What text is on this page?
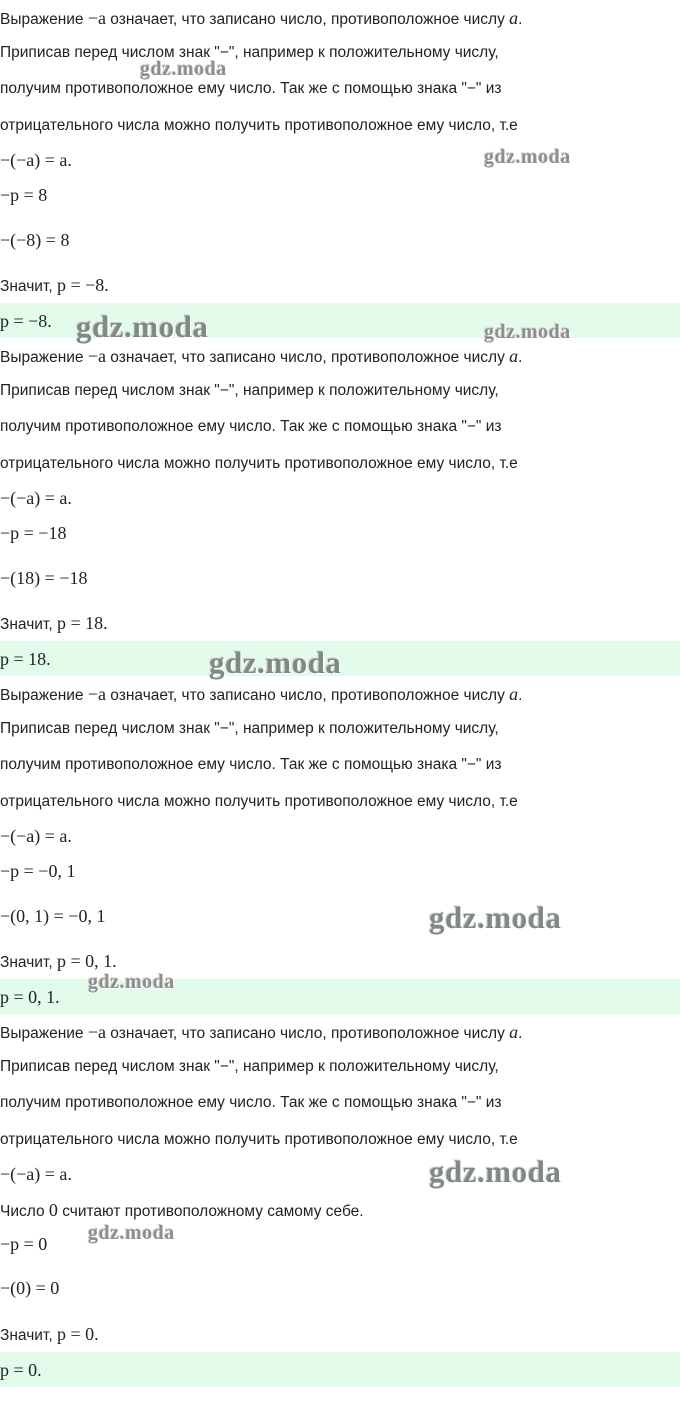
Выражение −a означает, что записано число, противоположное числу a.
Приписав перед числом знак "−", например к положительному числу,
получим противоположное ему число. Так же с помощью знака "−" из
отрицательного числа можно получить противоположное ему число, т.е
−(−a) = a.
−p = 8
−(−8) = 8
Значит, p = −8.
p = −8.
Выражение −a означает, что записано число, противоположное числу a.
Приписав перед числом знак "−", например к положительному числу,
получим противоположное ему число. Так же с помощью знака "−" из
отрицательного числа можно получить противоположное ему число, т.е
−(−a) = a.
−p = −18
−(18) = −18
Значит, p = 18.
p = 18.
Выражение −a означает, что записано число, противоположное числу a.
Приписав перед числом знак "−", например к положительному числу,
получим противоположное ему число. Так же с помощью знака "−" из
отрицательного числа можно получить противоположное ему число, т.е
−(−a) = a.
−p = −0, 1
−(0, 1) = −0, 1
Значит, p = 0, 1.
p = 0, 1.
Выражение −a означает, что записано число, противоположное числу a.
Приписав перед числом знак "−", например к положительному числу,
получим противоположное ему число. Так же с помощью знака "−" из
отрицательного числа можно получить противоположное ему число, т.е
−(−a) = a.
Число 0 считают противоположному самому себе.
−p = 0
−(0) = 0
Значит, p = 0.
p = 0.
gdz.moda
gdz.moda
gdz.moda	gdz.moda
gdz.moda
gdz.moda
gdz.moda
gdz.moda
gdz.moda
